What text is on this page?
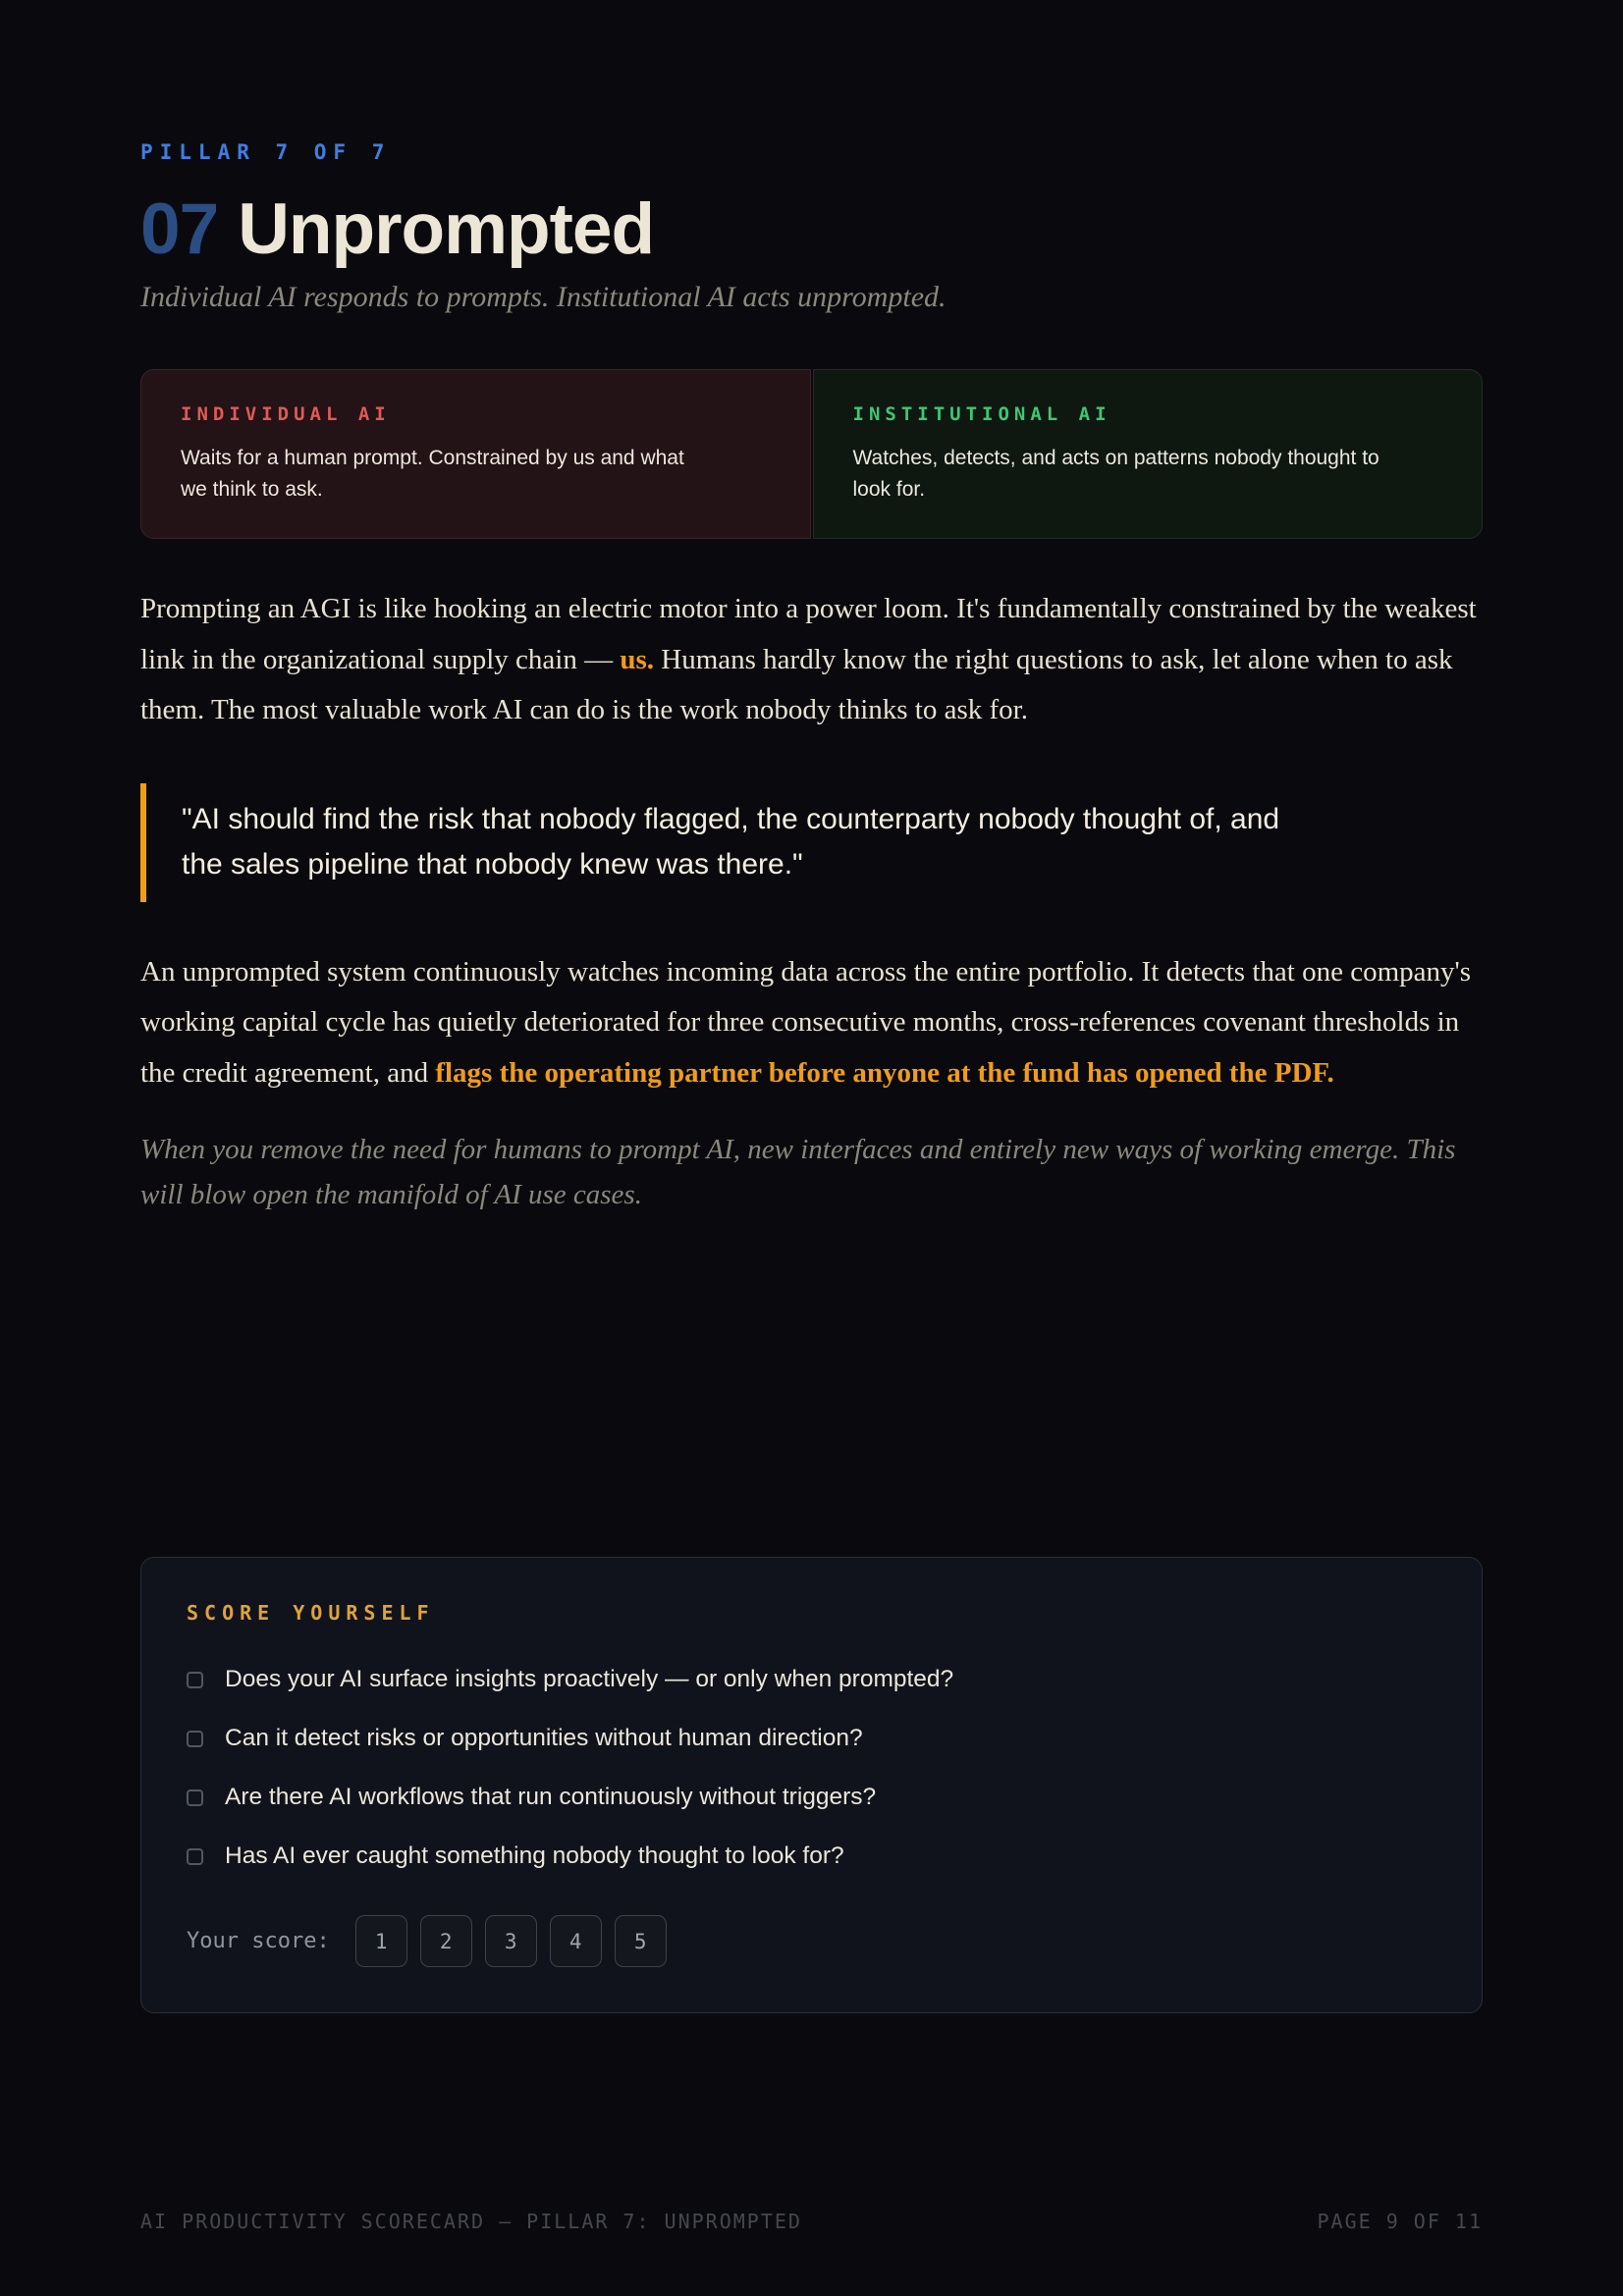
PILLAR 7 OF 7
07 Unprompted
Individual AI responds to prompts. Institutional AI acts unprompted.
INDIVIDUAL AI
Waits for a human prompt. Constrained by us and what we think to ask.
INSTITUTIONAL AI
Watches, detects, and acts on patterns nobody thought to look for.

Prompting an AGI is like hooking an electric motor into a power loom. It's fundamentally constrained by the weakest link in the organizational supply chain — us. Humans hardly know the right questions to ask, let alone when to ask them. The most valuable work AI can do is the work nobody thinks to ask for.

"AI should find the risk that nobody flagged, the counterparty nobody thought of, and the sales pipeline that nobody knew was there."

An unprompted system continuously watches incoming data across the entire portfolio. It detects that one company's working capital cycle has quietly deteriorated for three consecutive months, cross-references covenant thresholds in the credit agreement, and flags the operating partner before anyone at the fund has opened the PDF.

When you remove the need for humans to prompt AI, new interfaces and entirely new ways of working emerge. This will blow open the manifold of AI use cases.

SCORE YOURSELF
Does your AI surface insights proactively — or only when prompted?
Can it detect risks or opportunities without human direction?
Are there AI workflows that run continuously without triggers?
Has AI ever caught something nobody thought to look for?
Your score:	1	2	3	4	5
AI PRODUCTIVITY SCORECARD — PILLAR 7: UNPROMPTED	PAGE 9 OF 11
